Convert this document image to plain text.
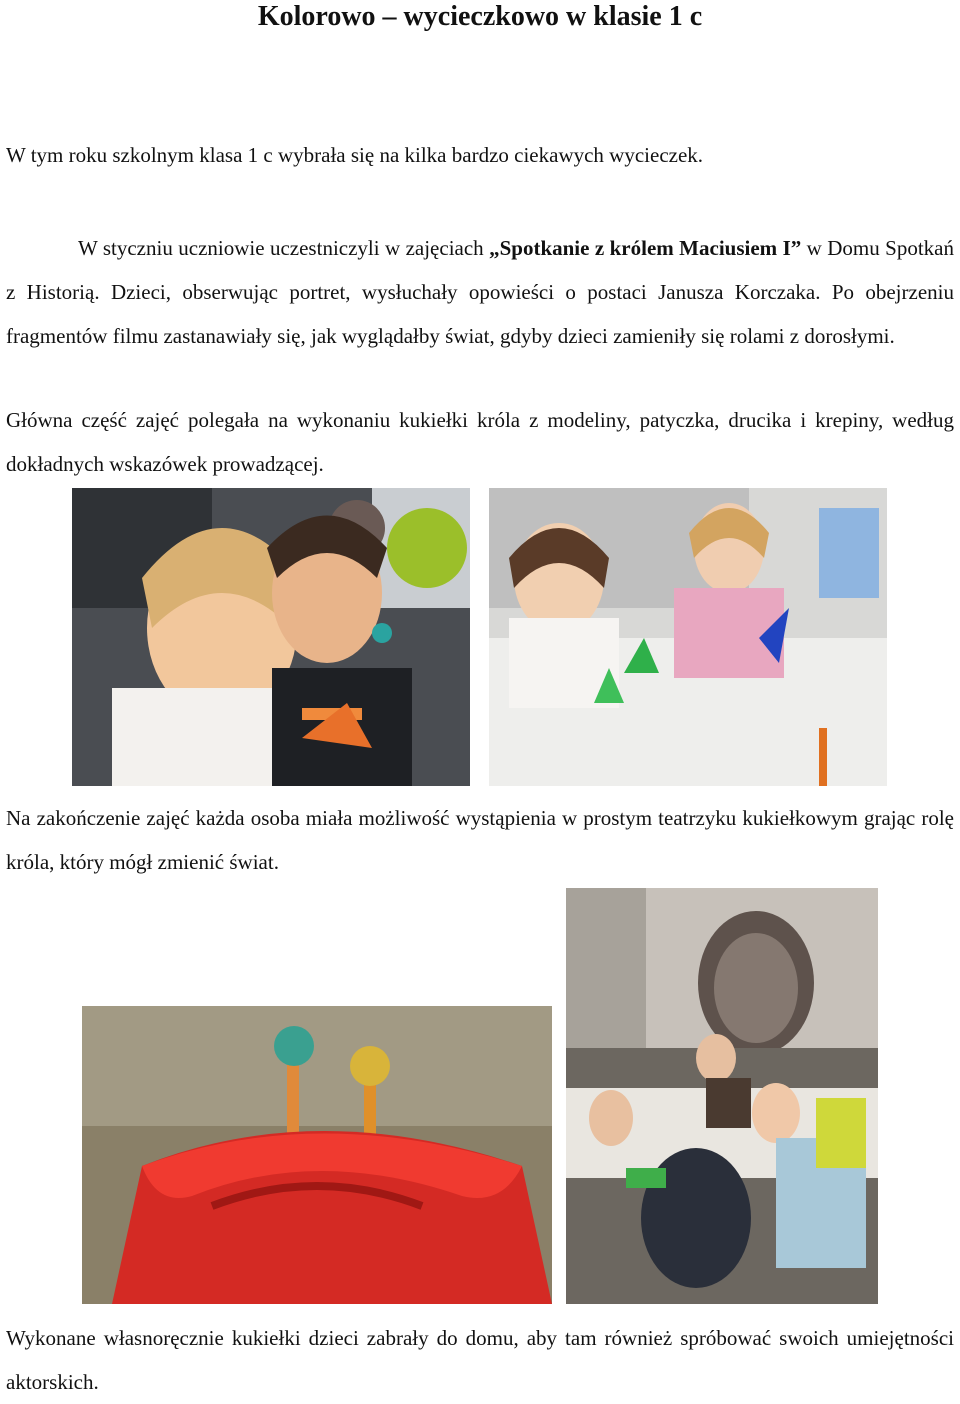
Kolorowo – wycieczkowo w klasie 1 c

W tym roku szkolnym klasa 1 c wybrała się na kilka bardzo ciekawych wycieczek.

W styczniu uczniowie uczestniczyli w zajęciach „Spotkanie z królem Maciusiem I” w Domu Spotkań z Historią. Dzieci, obserwując portret, wysłuchały opowieści o postaci Janusza Korczaka. Po obejrzeniu fragmentów filmu zastanawiały się, jak wyglądałby świat, gdyby dzieci zamieniły się rolami z dorosłymi.

Główna część zajęć polegała na wykonaniu kukiełki króla z modeliny, patyczka, drucika i krepiny, według dokładnych wskazówek prowadzącej.

Na zakończenie zajęć każda osoba miała możliwość wystąpienia w prostym teatrzyku kukiełkowym grając rolę króla, który mógł zmienić świat.

Wykonane własnoręcznie kukiełki dzieci zabrały do domu, aby tam również spróbować swoich umiejętności aktorskich.
